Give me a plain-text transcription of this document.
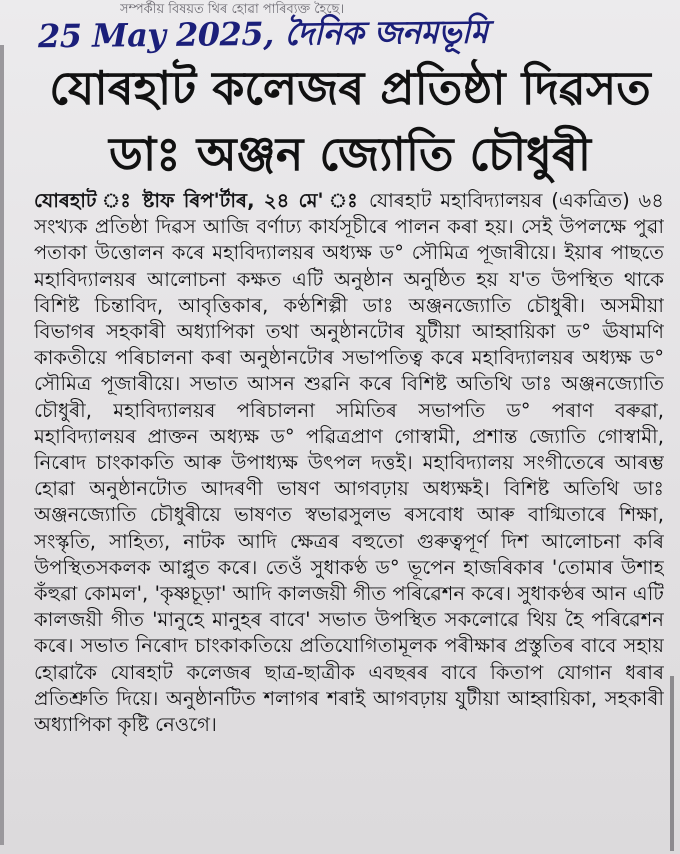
সম্পৰ্কীয় বিষয়ত থিৰ হোৱা পাৰিব্যক্ত হৈছে।
25 May 2025, দৈনিক জনমভূমি
যোৰহাট কলেজৰ প্ৰতিষ্ঠা দিৱসত
ডাঃ অঞ্জন জ্যোতি চৌধুৰী
যোৰহাট ঃ ষ্টাফ ৰিপ'ৰ্টাৰ, ২৪ মে' ঃ যোৰহাট মহাবিদ্যালয়ৰ (একত্ৰিত) ৬৪ সংখ্যক প্ৰতিষ্ঠা দিৱস আজি বৰ্ণাঢ্য কাৰ্যসূচীৰে পালন কৰা হয়। সেই উপলক্ষে পুৱা পতাকা উত্তোলন কৰে মহাবিদ্যালয়ৰ অধ্যক্ষ ড° সৌমিত্ৰ পূজাৰীয়ে। ইয়াৰ পাছতে মহাবিদ্যালয়ৰ আলোচনা কক্ষত এটি অনুষ্ঠান অনুষ্ঠিত হয় য'ত উপস্থিত থাকে বিশিষ্ট চিন্তাবিদ, আবৃত্তিকাৰ, কণ্ঠশিল্পী ডাঃ অঞ্জনজ্যোতি চৌধুৰী। অসমীয়া বিভাগৰ সহকাৰী অধ্যাপিকা তথা অনুষ্ঠানটোৰ যুটীয়া আহ্বায়িকা ড° ঊষামণি কাকতীয়ে পৰিচালনা কৰা অনুষ্ঠানটোৰ সভাপতিত্ব কৰে মহাবিদ্যালয়ৰ অধ্যক্ষ ড° সৌমিত্ৰ পূজাৰীয়ে। সভাত আসন শুৱনি কৰে বিশিষ্ট অতিথি ডাঃ অঞ্জনজ্যোতি চৌধুৰী, মহাবিদ্যালয়ৰ পৰিচালনা সমিতিৰ সভাপতি ড° পৰাণ বৰুৱা, মহাবিদ্যালয়ৰ প্ৰাক্তন অধ্যক্ষ ড° পৱিত্ৰপ্ৰাণ গোস্বামী, প্ৰশান্ত জ্যোতি গোস্বামী, নিৰোদ চাংকাকতি আৰু উপাধ্যক্ষ উৎপল দত্তই। মহাবিদ্যালয় সংগীতেৰে আৰম্ভ হোৱা অনুষ্ঠানটোত আদৰণী ভাষণ আগবঢ়ায় অধ্যক্ষই। বিশিষ্ট অতিথি ডাঃ অঞ্জনজ্যোতি চৌধুৰীয়ে ভাষণত স্বভাৱসুলভ ৰসবোধ আৰু বাগ্মিতাৰে শিক্ষা, সংস্কৃতি, সাহিত্য, নাটক আদি ক্ষেত্ৰৰ বহুতো গুৰুত্বপূৰ্ণ দিশ আলোচনা কৰি উপস্থিতসকলক আপ্লুত কৰে। তেওঁ সুধাকণ্ঠ ড° ভূপেন হাজৰিকাৰ 'তোমাৰ উশাহ কঁহুৱা কোমল', 'কৃষ্ণচূড়া' আদি কালজয়ী গীত পৰিৱেশন কৰে। সুধাকণ্ঠৰ আন এটি কালজয়ী গীত 'মানুহে মানুহৰ বাবে' সভাত উপস্থিত সকলোৱে থিয় হৈ পৰিৱেশন কৰে। সভাত নিৰোদ চাংকাকতিয়ে প্ৰতিযোগিতামূলক পৰীক্ষাৰ প্ৰস্তুতিৰ বাবে সহায় হোৱাকৈ যোৰহাট কলেজৰ ছাত্ৰ-ছাত্ৰীক এবছৰৰ বাবে কিতাপ যোগান ধৰাৰ প্ৰতিশ্ৰুতি দিয়ে। অনুষ্ঠানটিত শলাগৰ শৰাই আগবঢ়ায় যুটীয়া আহ্বায়িকা, সহকাৰী অধ্যাপিকা কৃষ্টি নেওগে।
